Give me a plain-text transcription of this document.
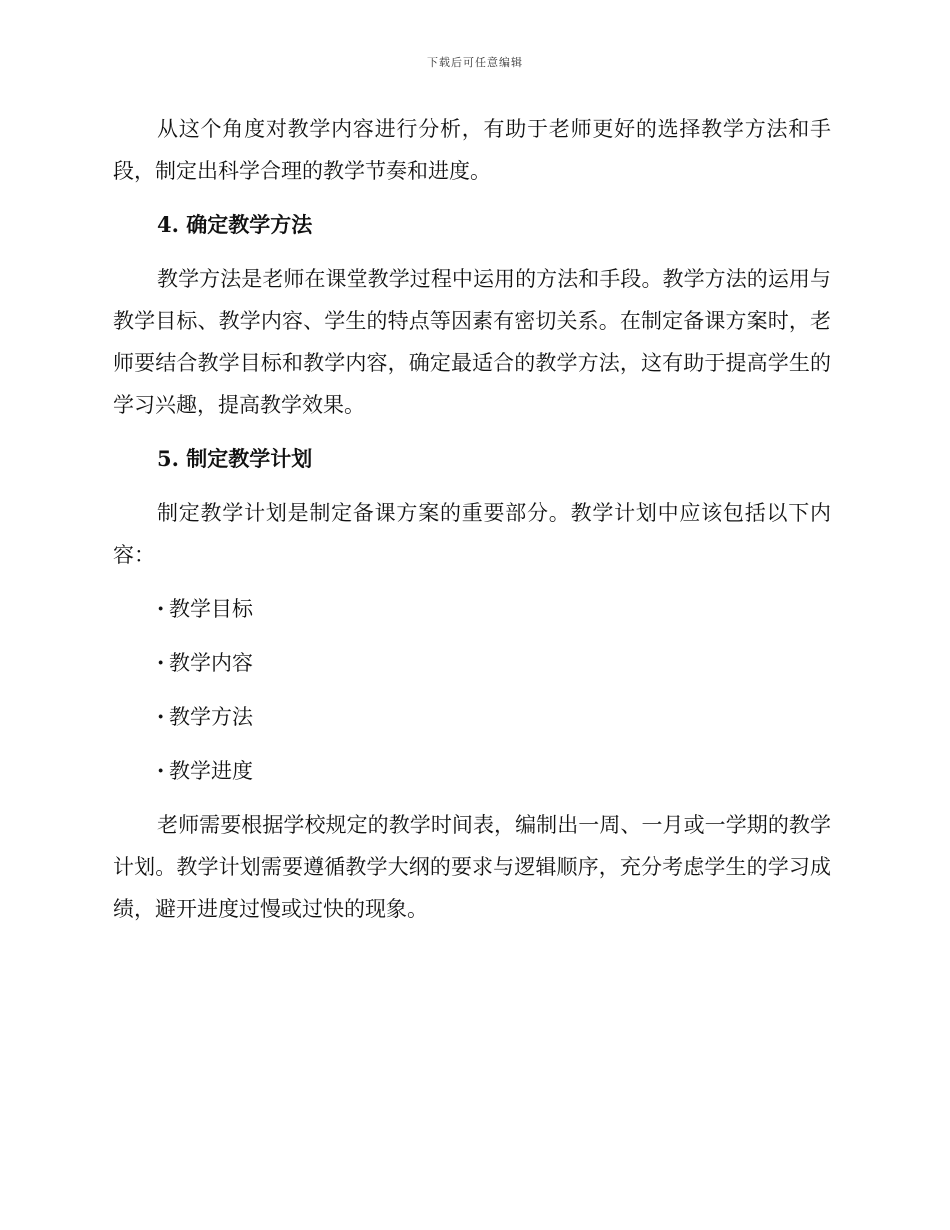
下载后可任意编辑

从这个角度对教学内容进行分析，有助于老师更好的选择教学方法和手段，制定出科学合理的教学节奏和进度。

4. 确定教学方法

教学方法是老师在课堂教学过程中运用的方法和手段。教学方法的运用与教学目标、教学内容、学生的特点等因素有密切关系。在制定备课方案时，老师要结合教学目标和教学内容，确定最适合的教学方法，这有助于提高学生的学习兴趣，提高教学效果。

5. 制定教学计划

制定教学计划是制定备课方案的重要部分。教学计划中应该包括以下内容：

· 教学目标
· 教学内容
· 教学方法
· 教学进度

老师需要根据学校规定的教学时间表，编制出一周、一月或一学期的教学计划。教学计划需要遵循教学大纲的要求与逻辑顺序，充分考虑学生的学习成绩，避开进度过慢或过快的现象。
